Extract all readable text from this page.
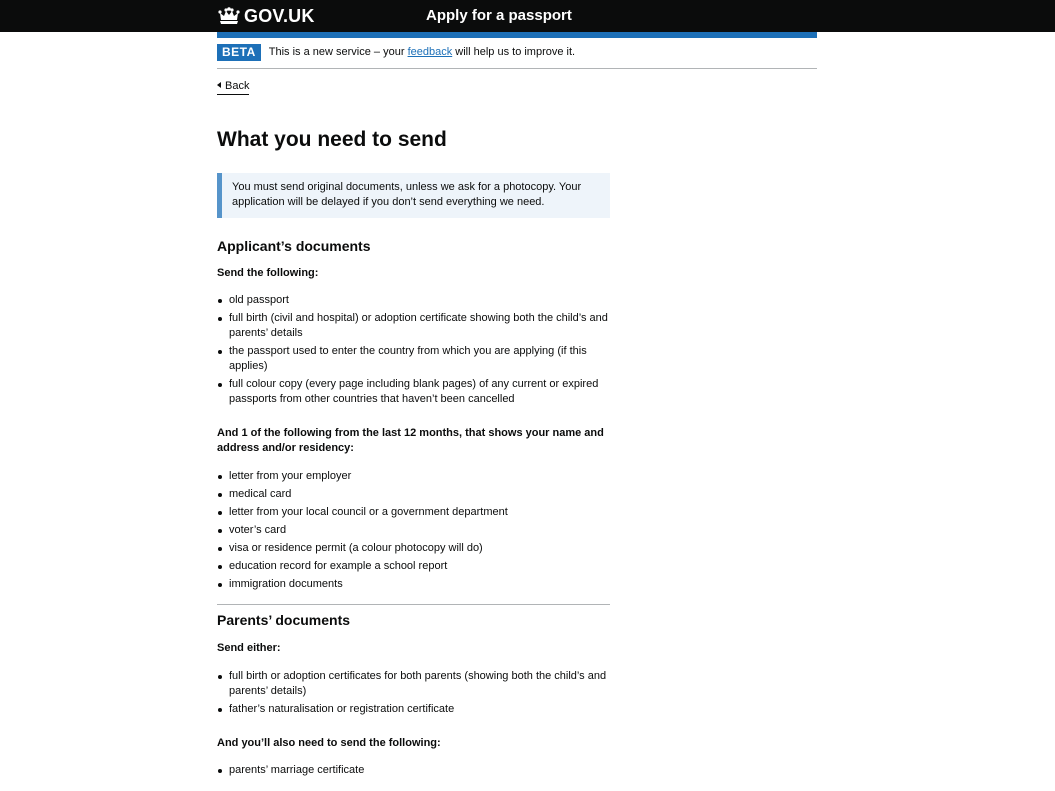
GOV.UK	Apply for a passport
BETA	This is a new service – your feedback will help us to improve it.
Back
What you need to send
You must send original documents, unless we ask for a photocopy. Your application will be delayed if you don’t send everything we need.
Applicant’s documents

Send the following:

old passport
full birth (civil and hospital) or adoption certificate showing both the child’s and parents’ details
the passport used to enter the country from which you are applying (if this applies)
full colour copy (every page including blank pages) of any current or expired passports from other countries that haven’t been cancelled

And 1 of the following from the last 12 months, that shows your name and address and/or residency:

letter from your employer
medical card
letter from your local council or a government department
voter’s card
visa or residence permit (a colour photocopy will do)
education record for example a school report
immigration documents
Parents’ documents

Send either:

full birth or adoption certificates for both parents (showing both the child’s and parents’ details)
father’s naturalisation or registration certificate

And you’ll also need to send the following:

parents’ marriage certificate
